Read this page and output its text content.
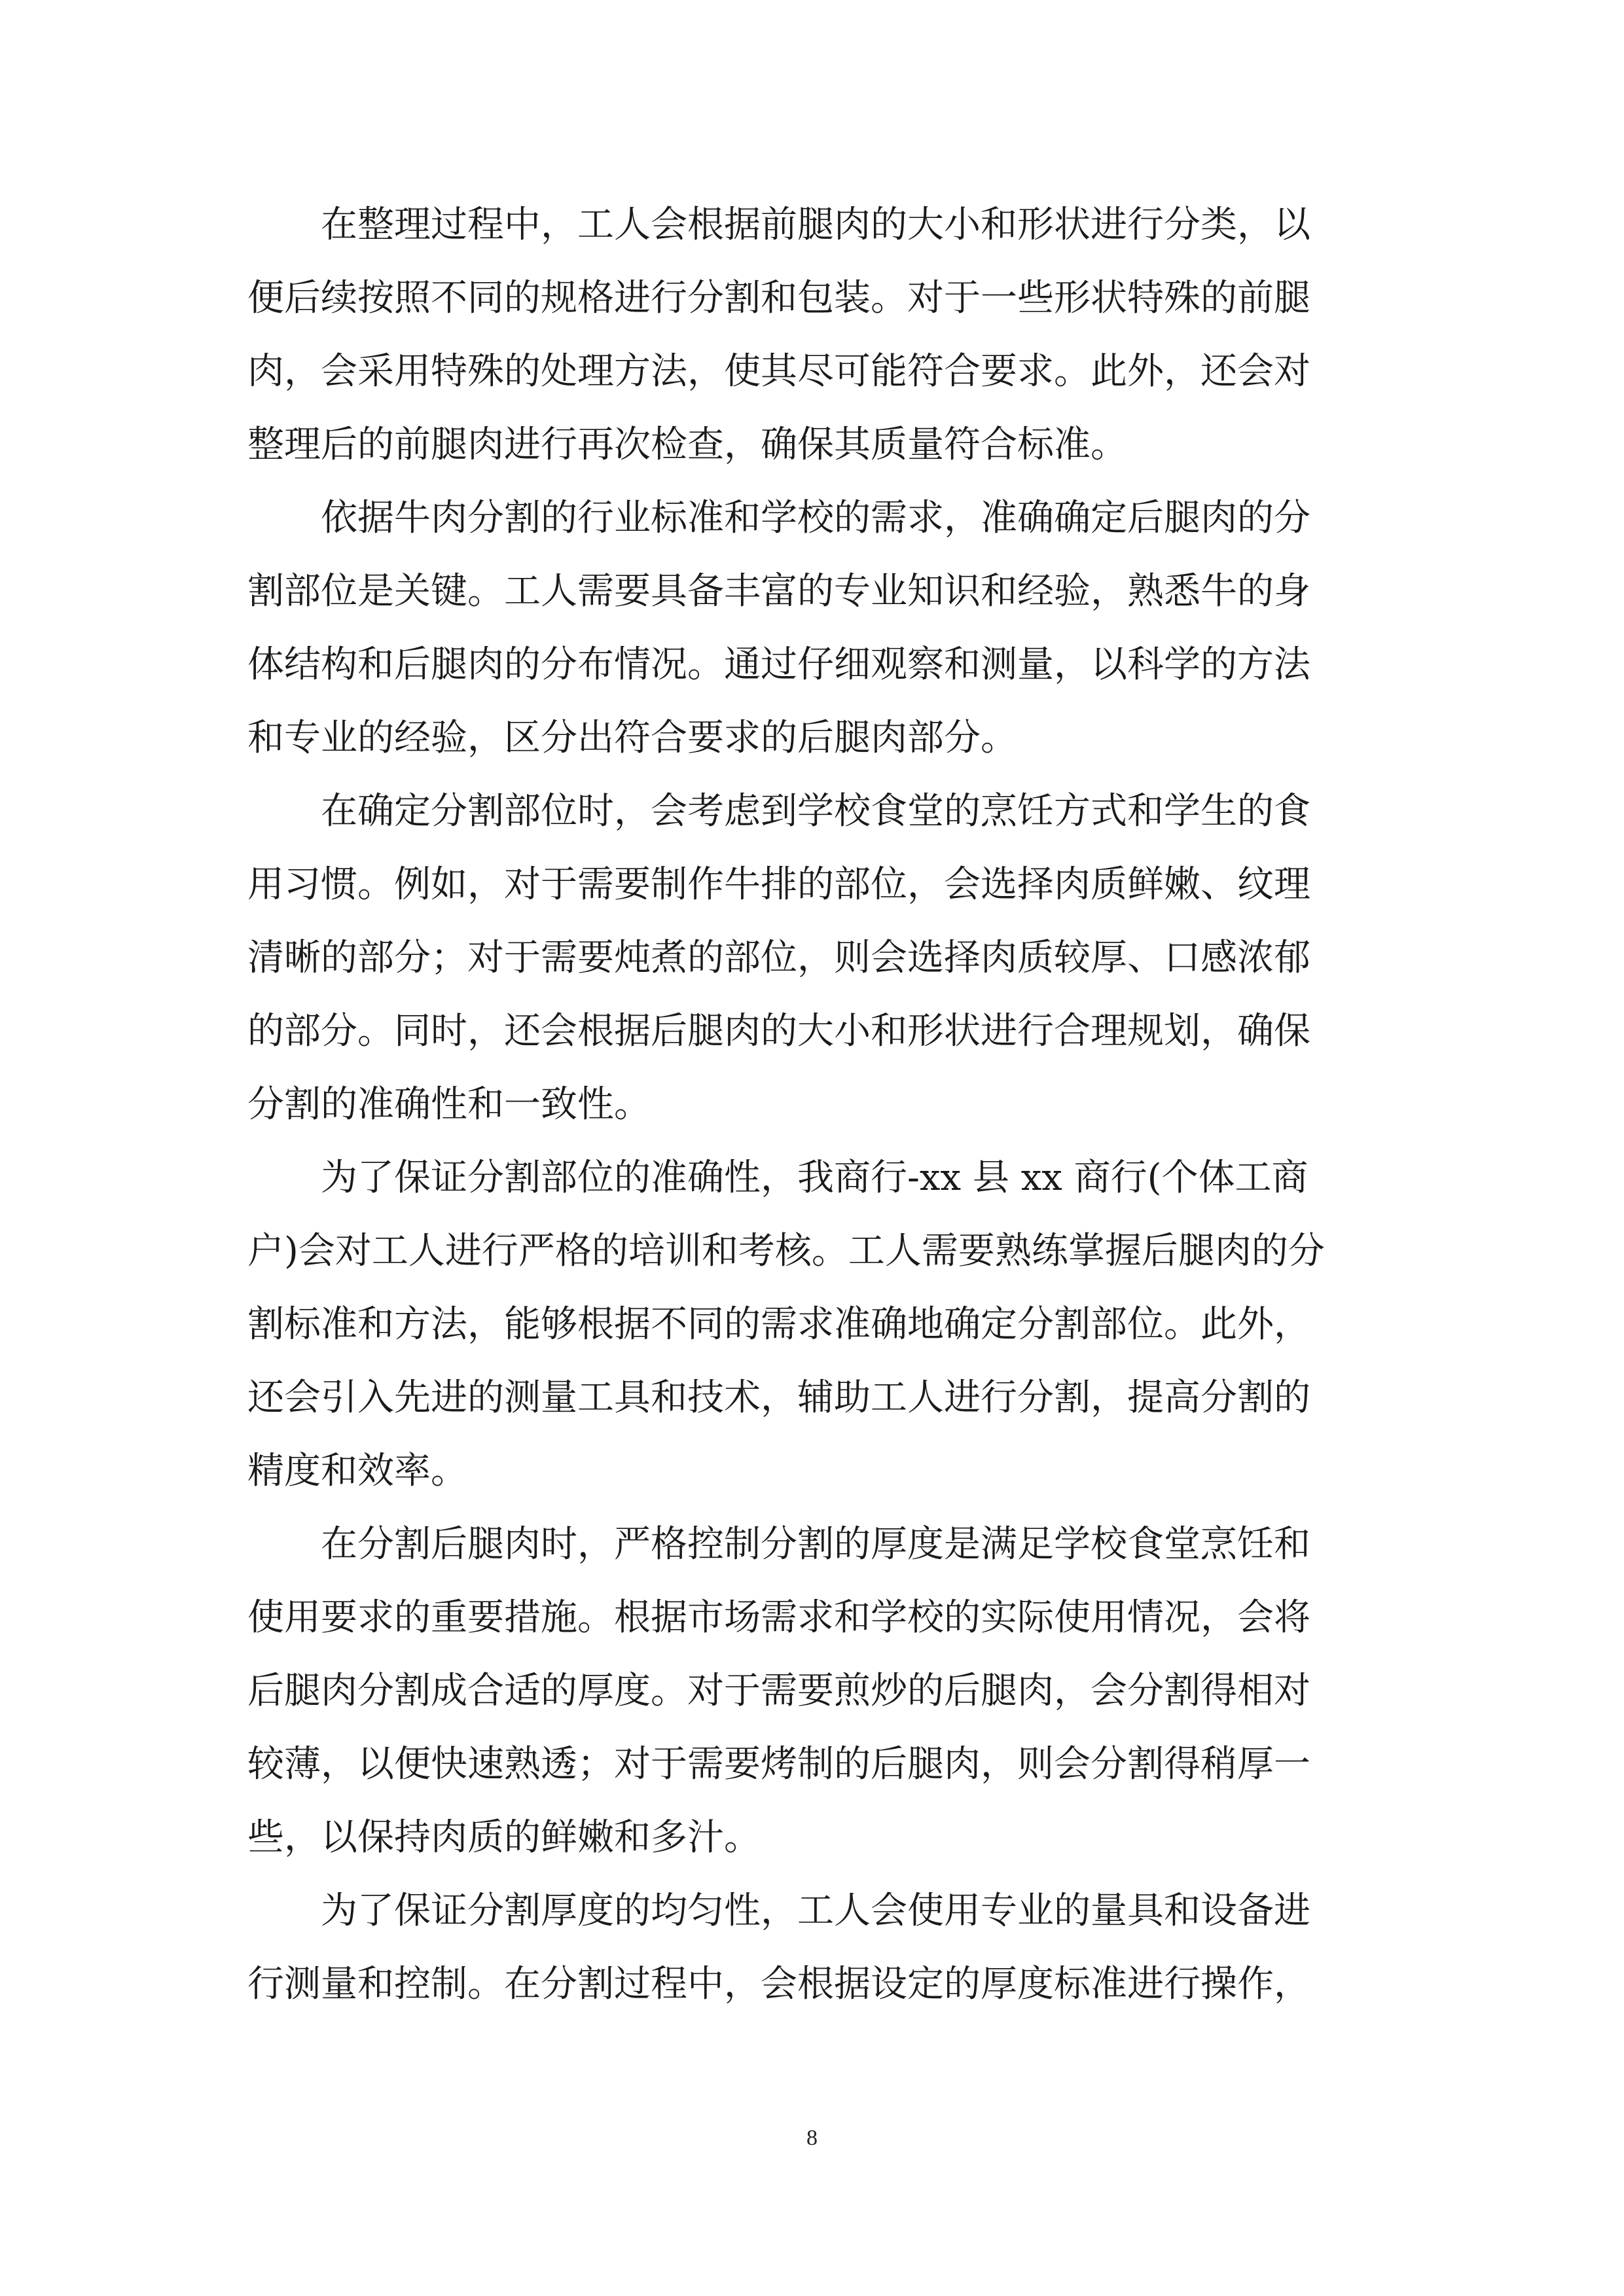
在整理过程中，工人会根据前腿肉的大小和形状进行分类，以
便后续按照不同的规格进行分割和包装。对于一些形状特殊的前腿
肉，会采用特殊的处理方法，使其尽可能符合要求。此外，还会对
整理后的前腿肉进行再次检查，确保其质量符合标准。

依据牛肉分割的行业标准和学校的需求，准确确定后腿肉的分
割部位是关键。工人需要具备丰富的专业知识和经验，熟悉牛的身
体结构和后腿肉的分布情况。通过仔细观察和测量，以科学的方法
和专业的经验，区分出符合要求的后腿肉部分。

在确定分割部位时，会考虑到学校食堂的烹饪方式和学生的食
用习惯。例如，对于需要制作牛排的部位，会选择肉质鲜嫩、纹理
清晰的部分；对于需要炖煮的部位，则会选择肉质较厚、口感浓郁
的部分。同时，还会根据后腿肉的大小和形状进行合理规划，确保
分割的准确性和一致性。

为了保证分割部位的准确性，我商行-xx 县 xx 商行(个体工商
户)会对工人进行严格的培训和考核。工人需要熟练掌握后腿肉的分
割标准和方法，能够根据不同的需求准确地确定分割部位。此外，
还会引入先进的测量工具和技术，辅助工人进行分割，提高分割的
精度和效率。

在分割后腿肉时，严格控制分割的厚度是满足学校食堂烹饪和
使用要求的重要措施。根据市场需求和学校的实际使用情况，会将
后腿肉分割成合适的厚度。对于需要煎炒的后腿肉，会分割得相对
较薄，以便快速熟透；对于需要烤制的后腿肉，则会分割得稍厚一
些，以保持肉质的鲜嫩和多汁。

为了保证分割厚度的均匀性，工人会使用专业的量具和设备进
行测量和控制。在分割过程中，会根据设定的厚度标准进行操作，

8
